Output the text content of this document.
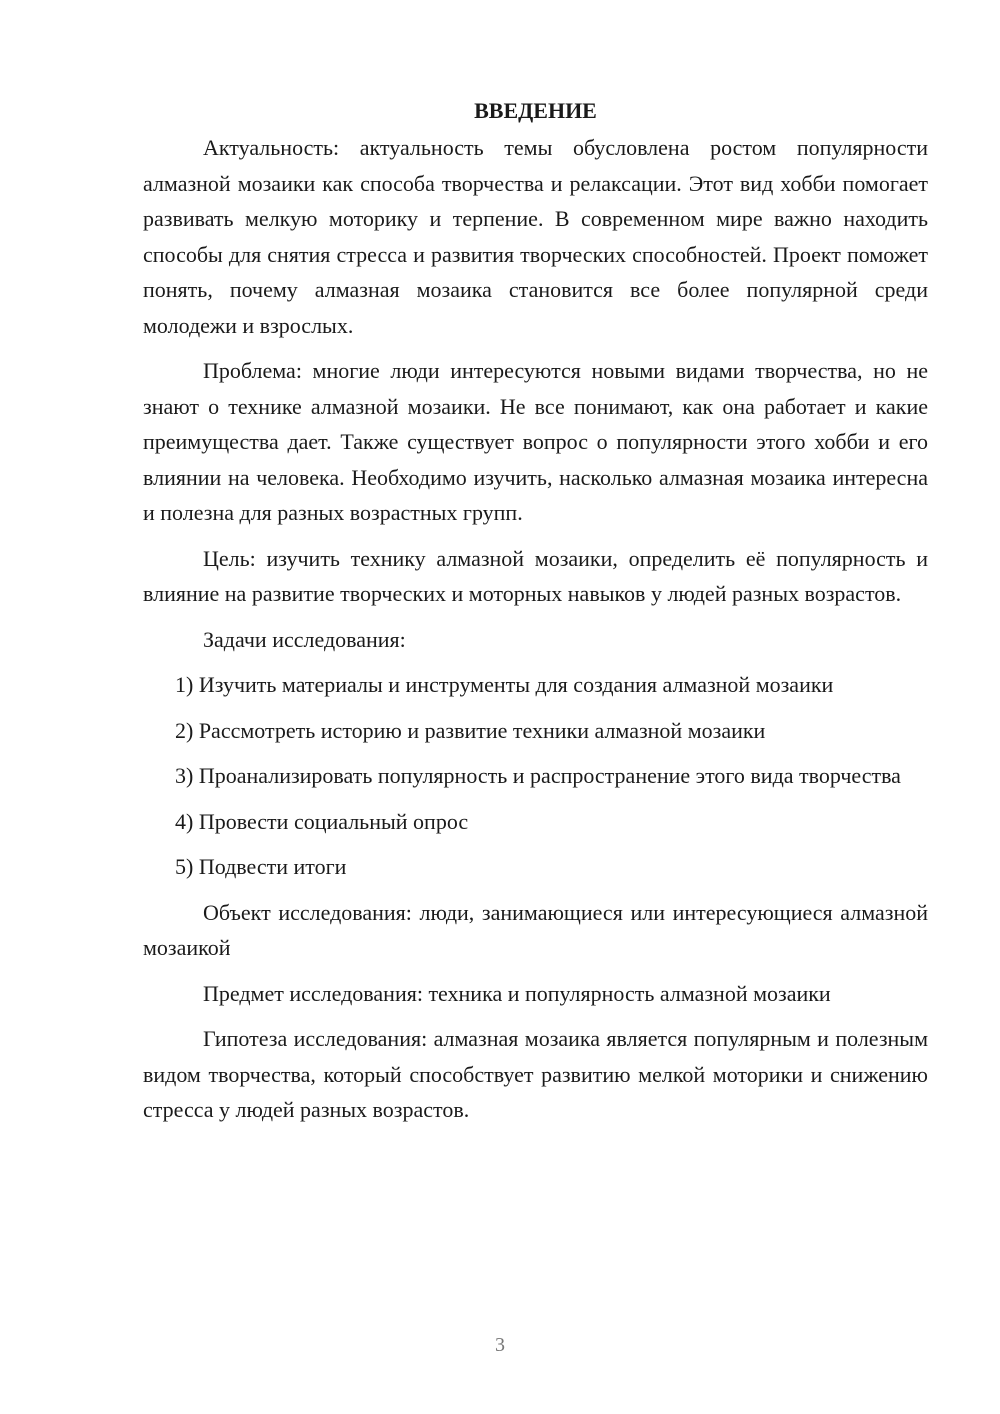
ВВЕДЕНИЕ

Актуальность: актуальность темы обусловлена ростом популярности алмазной мозаики как способа творчества и релаксации. Этот вид хобби помогает развивать мелкую моторику и терпение. В современном мире важно находить способы для снятия стресса и развития творческих способностей. Проект поможет понять, почему алмазная мозаика становится все более популярной среди молодежи и взрослых.

Проблема: многие люди интересуются новыми видами творчества, но не знают о технике алмазной мозаики. Не все понимают, как она работает и какие преимущества дает. Также существует вопрос о популярности этого хобби и его влиянии на человека. Необходимо изучить, насколько алмазная мозаика интересна и полезна для разных возрастных групп.

Цель: изучить технику алмазной мозаики, определить её популярность и влияние на развитие творческих и моторных навыков у людей разных возрастов.

Задачи исследования:

1) Изучить материалы и инструменты для создания алмазной мозаики

2) Рассмотреть историю и развитие техники алмазной мозаики

3) Проанализировать популярность и распространение этого вида творчества

4) Провести социальный опрос

5) Подвести итоги

Объект исследования: люди, занимающиеся или интересующиеся алмазной мозаикой

Предмет исследования: техника и популярность алмазной мозаики

Гипотеза исследования: алмазная мозаика является популярным и полезным видом творчества, который способствует развитию мелкой моторики и снижению стресса у людей разных возрастов.

3
